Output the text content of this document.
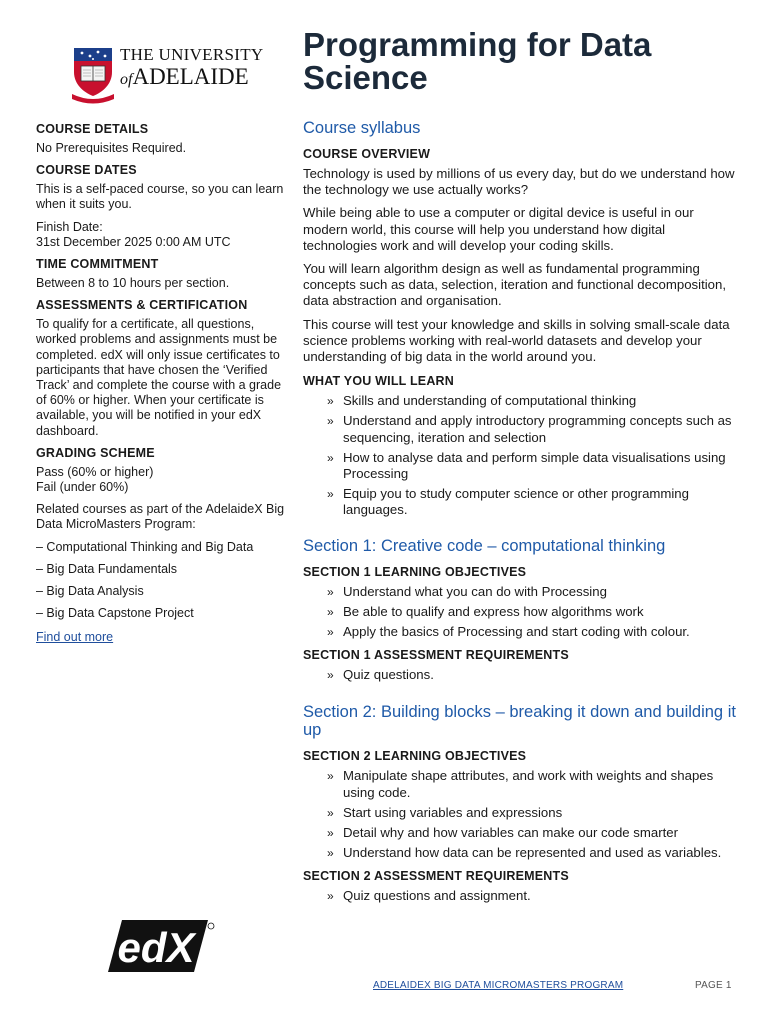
THE UNIVERSITY
ofADELAIDE
Programming for Data Science
COURSE DETAILS
No Prerequisites Required.
COURSE DATES
This is a self-paced course, so you can learn when it suits you.
Finish Date:
31st December 2025 0:00 AM UTC
TIME COMMITMENT
Between 8 to 10 hours per section.
ASSESSMENTS & CERTIFICATION
To qualify for a certificate, all questions, worked problems and assignments must be completed. edX will only issue certificates to participants that have chosen the ‘Verified Track’ and complete the course with a grade of 60% or higher. When your certificate is available, you will be notified in your edX dashboard.
GRADING SCHEME
Pass (60% or higher)
Fail (under 60%)
Related courses as part of the AdelaideX Big Data MicroMasters Program:
– Computational Thinking and Big Data
– Big Data Fundamentals
– Big Data Analysis
– Big Data Capstone Project
Find out more
Course syllabus
COURSE OVERVIEW

Technology is used by millions of us every day, but do we understand how the technology we use actually works?

While being able to use a computer or digital device is useful in our modern world, this course will help you understand how digital technologies work and will develop your coding skills.

You will learn algorithm design as well as fundamental programming concepts such as data, selection, iteration and functional decomposition, data abstraction and organisation.

This course will test your knowledge and skills in solving small-scale data science problems working with real-world datasets and develop your understanding of big data in the world around you.

WHAT YOU WILL LEARN
» Skills and understanding of computational thinking
» Understand and apply introductory programming concepts such as sequencing, iteration and selection
» How to analyse data and perform simple data visualisations using Processing
» Equip you to study computer science or other programming languages.
Section 1: Creative code – computational thinking
SECTION 1 LEARNING OBJECTIVES
» Understand what you can do with Processing
» Be able to qualify and express how algorithms work
» Apply the basics of Processing and start coding with colour.
SECTION 1 ASSESSMENT REQUIREMENTS
» Quiz questions.
Section 2: Building blocks – breaking it down and building it up
SECTION 2 LEARNING OBJECTIVES
» Manipulate shape attributes, and work with weights and shapes using code.
» Start using variables and expressions
» Detail why and how variables can make our code smarter
» Understand how data can be represented and used as variables.
SECTION 2 ASSESSMENT REQUIREMENTS
» Quiz questions and assignment.
edX
ADELAIDEX BIG DATA MICROMASTERS PROGRAM	PAGE 1
